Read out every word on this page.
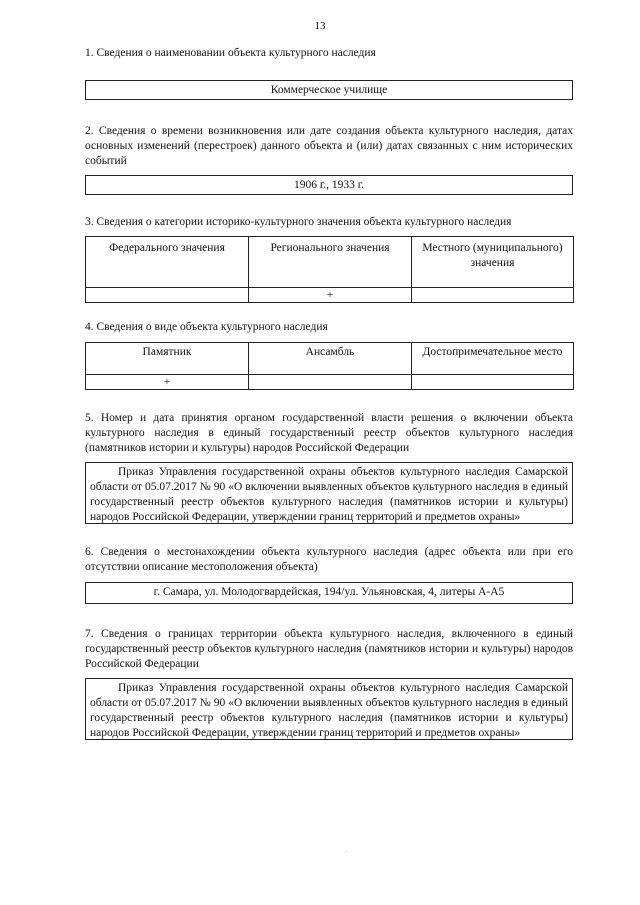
13
1. Сведения о наименовании объекта культурного наследия
Коммерческое училище
2. Сведения о времени возникновения или дате создания объекта культурного наследия, датах основных изменений (перестроек) данного объекта и (или) датах связанных с ним исторических событий
1906 г., 1933 г.
3. Сведения о категории историко-культурного значения объекта культурного наследия
Федерального значения	Регионального значения	Местного (муниципального) значения
	+	
4. Сведения о виде объекта культурного наследия
Памятник	Ансамбль	Достопримечательное место
+		
5. Номер и дата принятия органом государственной власти решения о включении объекта культурного наследия в единый государственный реестр объектов культурного наследия (памятников истории и культуры) народов Российской Федерации
Приказ Управления государственной охраны объектов культурного наследия Самарской области от 05.07.2017 № 90 «О включении выявленных объектов культурного наследия в единый государственный реестр объектов культурного наследия (памятников истории и культуры) народов Российской Федерации, утверждении границ территорий и предметов охраны»
6. Сведения о местонахождении объекта культурного наследия (адрес объекта или при его отсутствии описание местоположения объекта)
г. Самара, ул. Молодогвардейская, 194/ул. Ульяновская, 4, литеры А-А5
7. Сведения о границах территории объекта культурного наследия, включенного в единый государственный реестр объектов культурного наследия (памятников истории и культуры) народов Российской Федерации
Приказ Управления государственной охраны объектов культурного наследия Самарской области от 05.07.2017 № 90 «О включении выявленных объектов культурного наследия в единый государственный реестр объектов культурного наследия (памятников истории и культуры) народов Российской Федерации, утверждении границ территорий и предметов охраны»
·
